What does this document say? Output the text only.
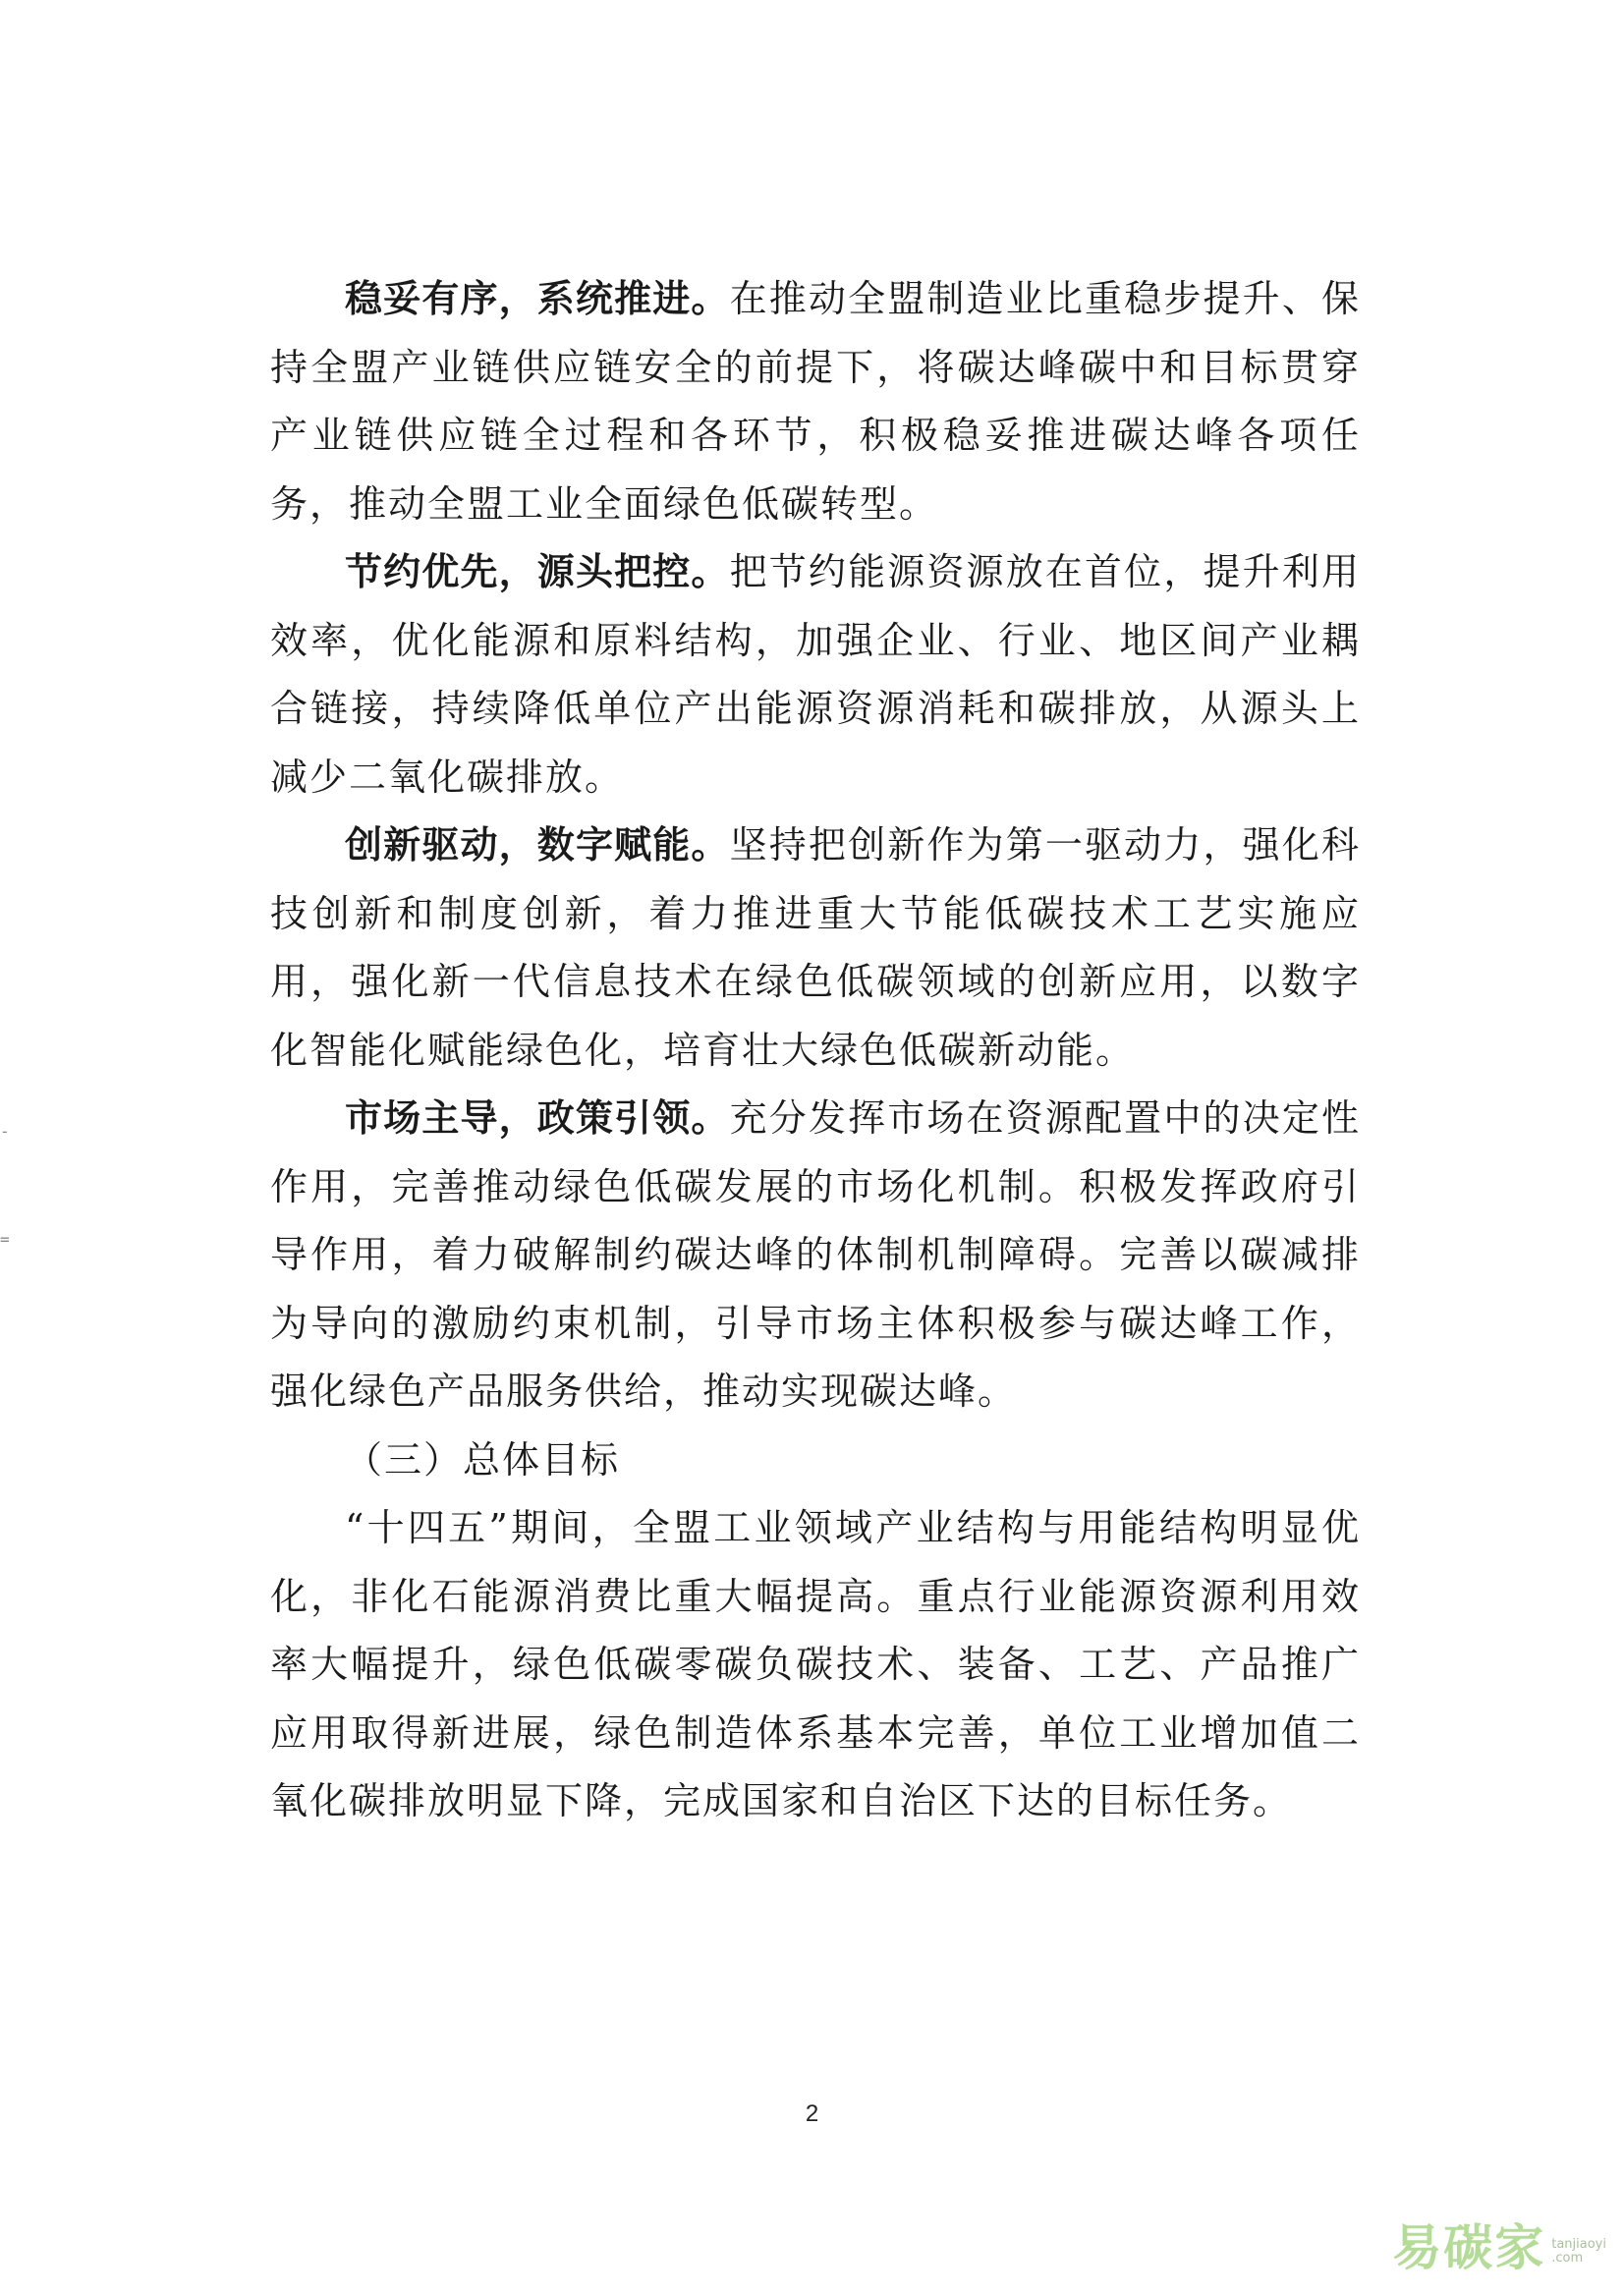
-
=

稳妥有序，系统推进。在推动全盟制造业比重稳步提升、保持全盟产业链供应链安全的前提下，将碳达峰碳中和目标贯穿产业链供应链全过程和各环节，积极稳妥推进碳达峰各项任务，推动全盟工业全面绿色低碳转型。

节约优先，源头把控。把节约能源资源放在首位，提升利用效率，优化能源和原料结构，加强企业、行业、地区间产业耦合链接，持续降低单位产出能源资源消耗和碳排放，从源头上减少二氧化碳排放。

创新驱动，数字赋能。坚持把创新作为第一驱动力，强化科技创新和制度创新，着力推进重大节能低碳技术工艺实施应用，强化新一代信息技术在绿色低碳领域的创新应用，以数字化智能化赋能绿色化，培育壮大绿色低碳新动能。

市场主导，政策引领。充分发挥市场在资源配置中的决定性作用，完善推动绿色低碳发展的市场化机制。积极发挥政府引导作用，着力破解制约碳达峰的体制机制障碍。完善以碳减排为导向的激励约束机制，引导市场主体积极参与碳达峰工作，强化绿色产品服务供给，推动实现碳达峰。

（三）总体目标

“十四五”期间，全盟工业领域产业结构与用能结构明显优化，非化石能源消费比重大幅提高。重点行业能源资源利用效率大幅提升，绿色低碳零碳负碳技术、装备、工艺、产品推广应用取得新进展，绿色制造体系基本完善，单位工业增加值二氧化碳排放明显下降，完成国家和自治区下达的目标任务。

2
易碳家 tanjiaoyi
.com
